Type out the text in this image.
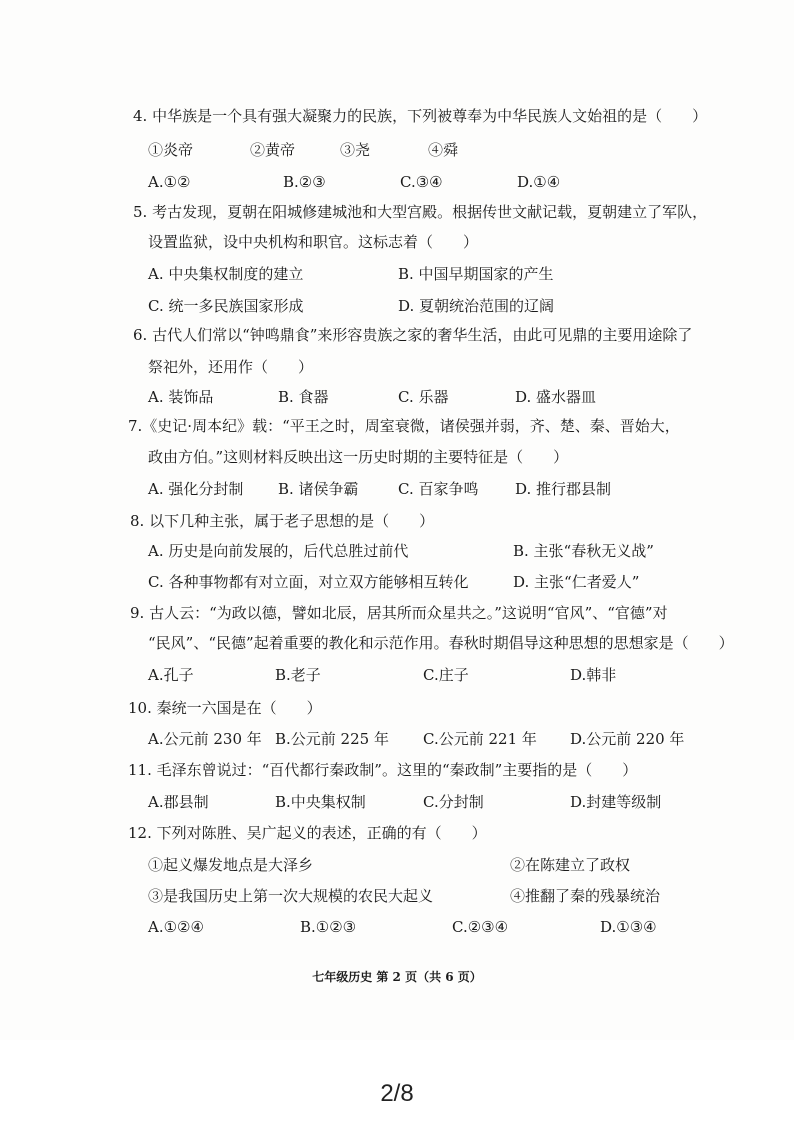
4. 中华族是一个具有强大凝聚力的民族，下列被尊奉为中华民族人文始祖的是（　　）
①炎帝	②黄帝	③尧	④舜
A.①②	B.②③	C.③④	D.①④
5. 考古发现，夏朝在阳城修建城池和大型宫殿。根据传世文献记载，夏朝建立了军队，
设置监狱，设中央机构和职官。这标志着（　　）
A. 中央集权制度的建立	B. 中国早期国家的产生
C. 统一多民族国家形成	D. 夏朝统治范围的辽阔
6. 古代人们常以“钟鸣鼎食”来形容贵族之家的奢华生活，由此可见鼎的主要用途除了
祭祀外，还用作（　　）
A. 装饰品	B. 食器	C. 乐器	D. 盛水器皿
7.《史记·周本纪》载：“平王之时，周室衰微，诸侯强并弱，齐、楚、秦、晋始大，
政由方伯。”这则材料反映出这一历史时期的主要特征是（　　）
A. 强化分封制 B. 诸侯争霸	C. 百家争鸣 D. 推行郡县制
8. 以下几种主张，属于老子思想的是（　　）
A. 历史是向前发展的，后代总胜过前代	B. 主张“春秋无义战”
C. 各种事物都有对立面，对立双方能够相互转化	D. 主张“仁者爱人”
9. 古人云：“为政以德，譬如北辰，居其所而众星共之。”这说明“官风”、“官德”对
“民风”、“民德”起着重要的教化和示范作用。春秋时期倡导这种思想的思想家是（　　）
A.孔子	B.老子	C.庄子	D.韩非
10. 秦统一六国是在（　　）
A.公元前 230 年 B.公元前 225 年 C.公元前 221 年 D.公元前 220 年
11. 毛泽东曾说过：“百代都行秦政制”。这里的“秦政制”主要指的是（　　）
A.郡县制	B.中央集权制	C.分封制	D.封建等级制
12. 下列对陈胜、吴广起义的表述，正确的有（　　）
①起义爆发地点是大泽乡	②在陈建立了政权
③是我国历史上第一次大规模的农民大起义	④推翻了秦的残暴统治
A.①②④	B.①②③	C.②③④	D.①③④
七年级历史 第 2 页（共 6 页）
2/8
